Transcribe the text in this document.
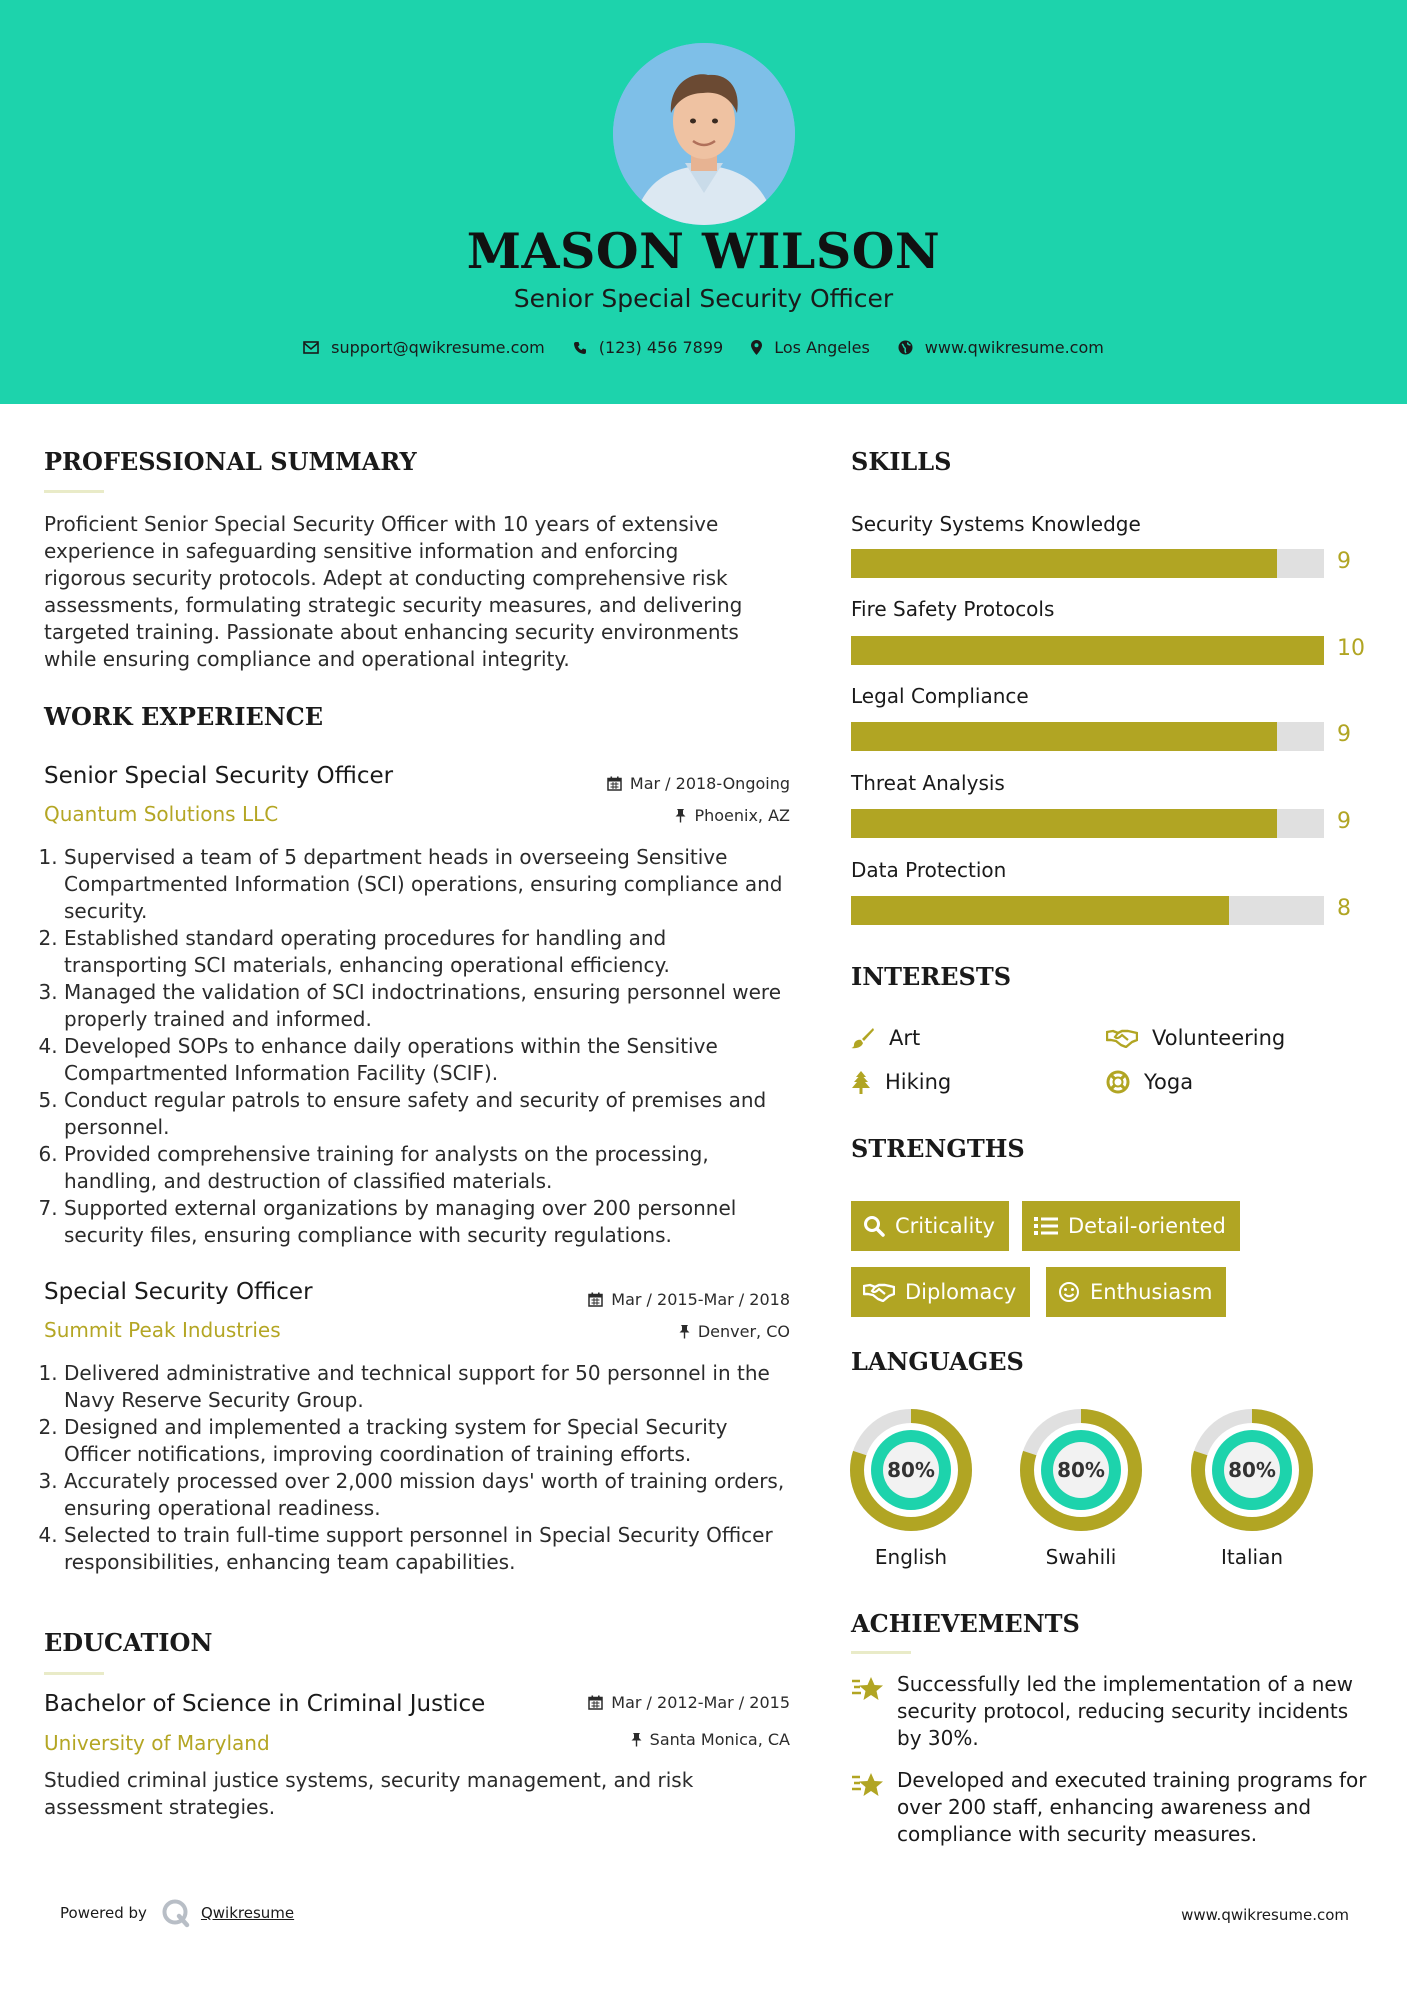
MASON WILSON
Senior Special Security Officer
support@qwikresume.com	(123) 456 7899	Los Angeles	www.qwikresume.com
PROFESSIONAL SUMMARY
Proficient Senior Special Security Officer with 10 years of extensive
experience in safeguarding sensitive information and enforcing
rigorous security protocols. Adept at conducting comprehensive risk
assessments, formulating strategic security measures, and delivering
targeted training. Passionate about enhancing security environments
while ensuring compliance and operational integrity.
WORK EXPERIENCE
Senior Special Security Officer
Quantum Solutions LLC
Mar / 2018-Ongoing
Phoenix, AZ
1. Supervised a team of 5 department heads in overseeing Sensitive Compartmented Information (SCI) operations, ensuring compliance and security.
2. Established standard operating procedures for handling and transporting SCI materials, enhancing operational efficiency.
3. Managed the validation of SCI indoctrinations, ensuring personnel were properly trained and informed.
4. Developed SOPs to enhance daily operations within the Sensitive Compartmented Information Facility (SCIF).
5. Conduct regular patrols to ensure safety and security of premises and personnel.
6. Provided comprehensive training for analysts on the processing, handling, and destruction of classified materials.
7. Supported external organizations by managing over 200 personnel security files, ensuring compliance with security regulations.
Special Security Officer
Summit Peak Industries
Mar / 2015-Mar / 2018
Denver, CO
1. Delivered administrative and technical support for 50 personnel in the Navy Reserve Security Group.
2. Designed and implemented a tracking system for Special Security Officer notifications, improving coordination of training efforts.
3. Accurately processed over 2,000 mission days' worth of training orders, ensuring operational readiness.
4. Selected to train full-time support personnel in Special Security Officer responsibilities, enhancing team capabilities.
EDUCATION
Bachelor of Science in Criminal Justice
University of Maryland
Mar / 2012-Mar / 2015
Santa Monica, CA
Studied criminal justice systems, security management, and risk assessment strategies.
SKILLS
Security Systems Knowledge
9
Fire Safety Protocols
10
Legal Compliance
9
Threat Analysis
9
Data Protection
8
INTERESTS
Art	Volunteering
Hiking	Yoga
STRENGTHS
Criticality	Detail-oriented
Diplomacy	Enthusiasm
LANGUAGES
80%
English
80%
Swahili
80%
Italian
ACHIEVEMENTS
Successfully led the implementation of a new security protocol, reducing security incidents by 30%.
Developed and executed training programs for over 200 staff, enhancing awareness and compliance with security measures.
Powered by	Qwikresume	www.qwikresume.com
